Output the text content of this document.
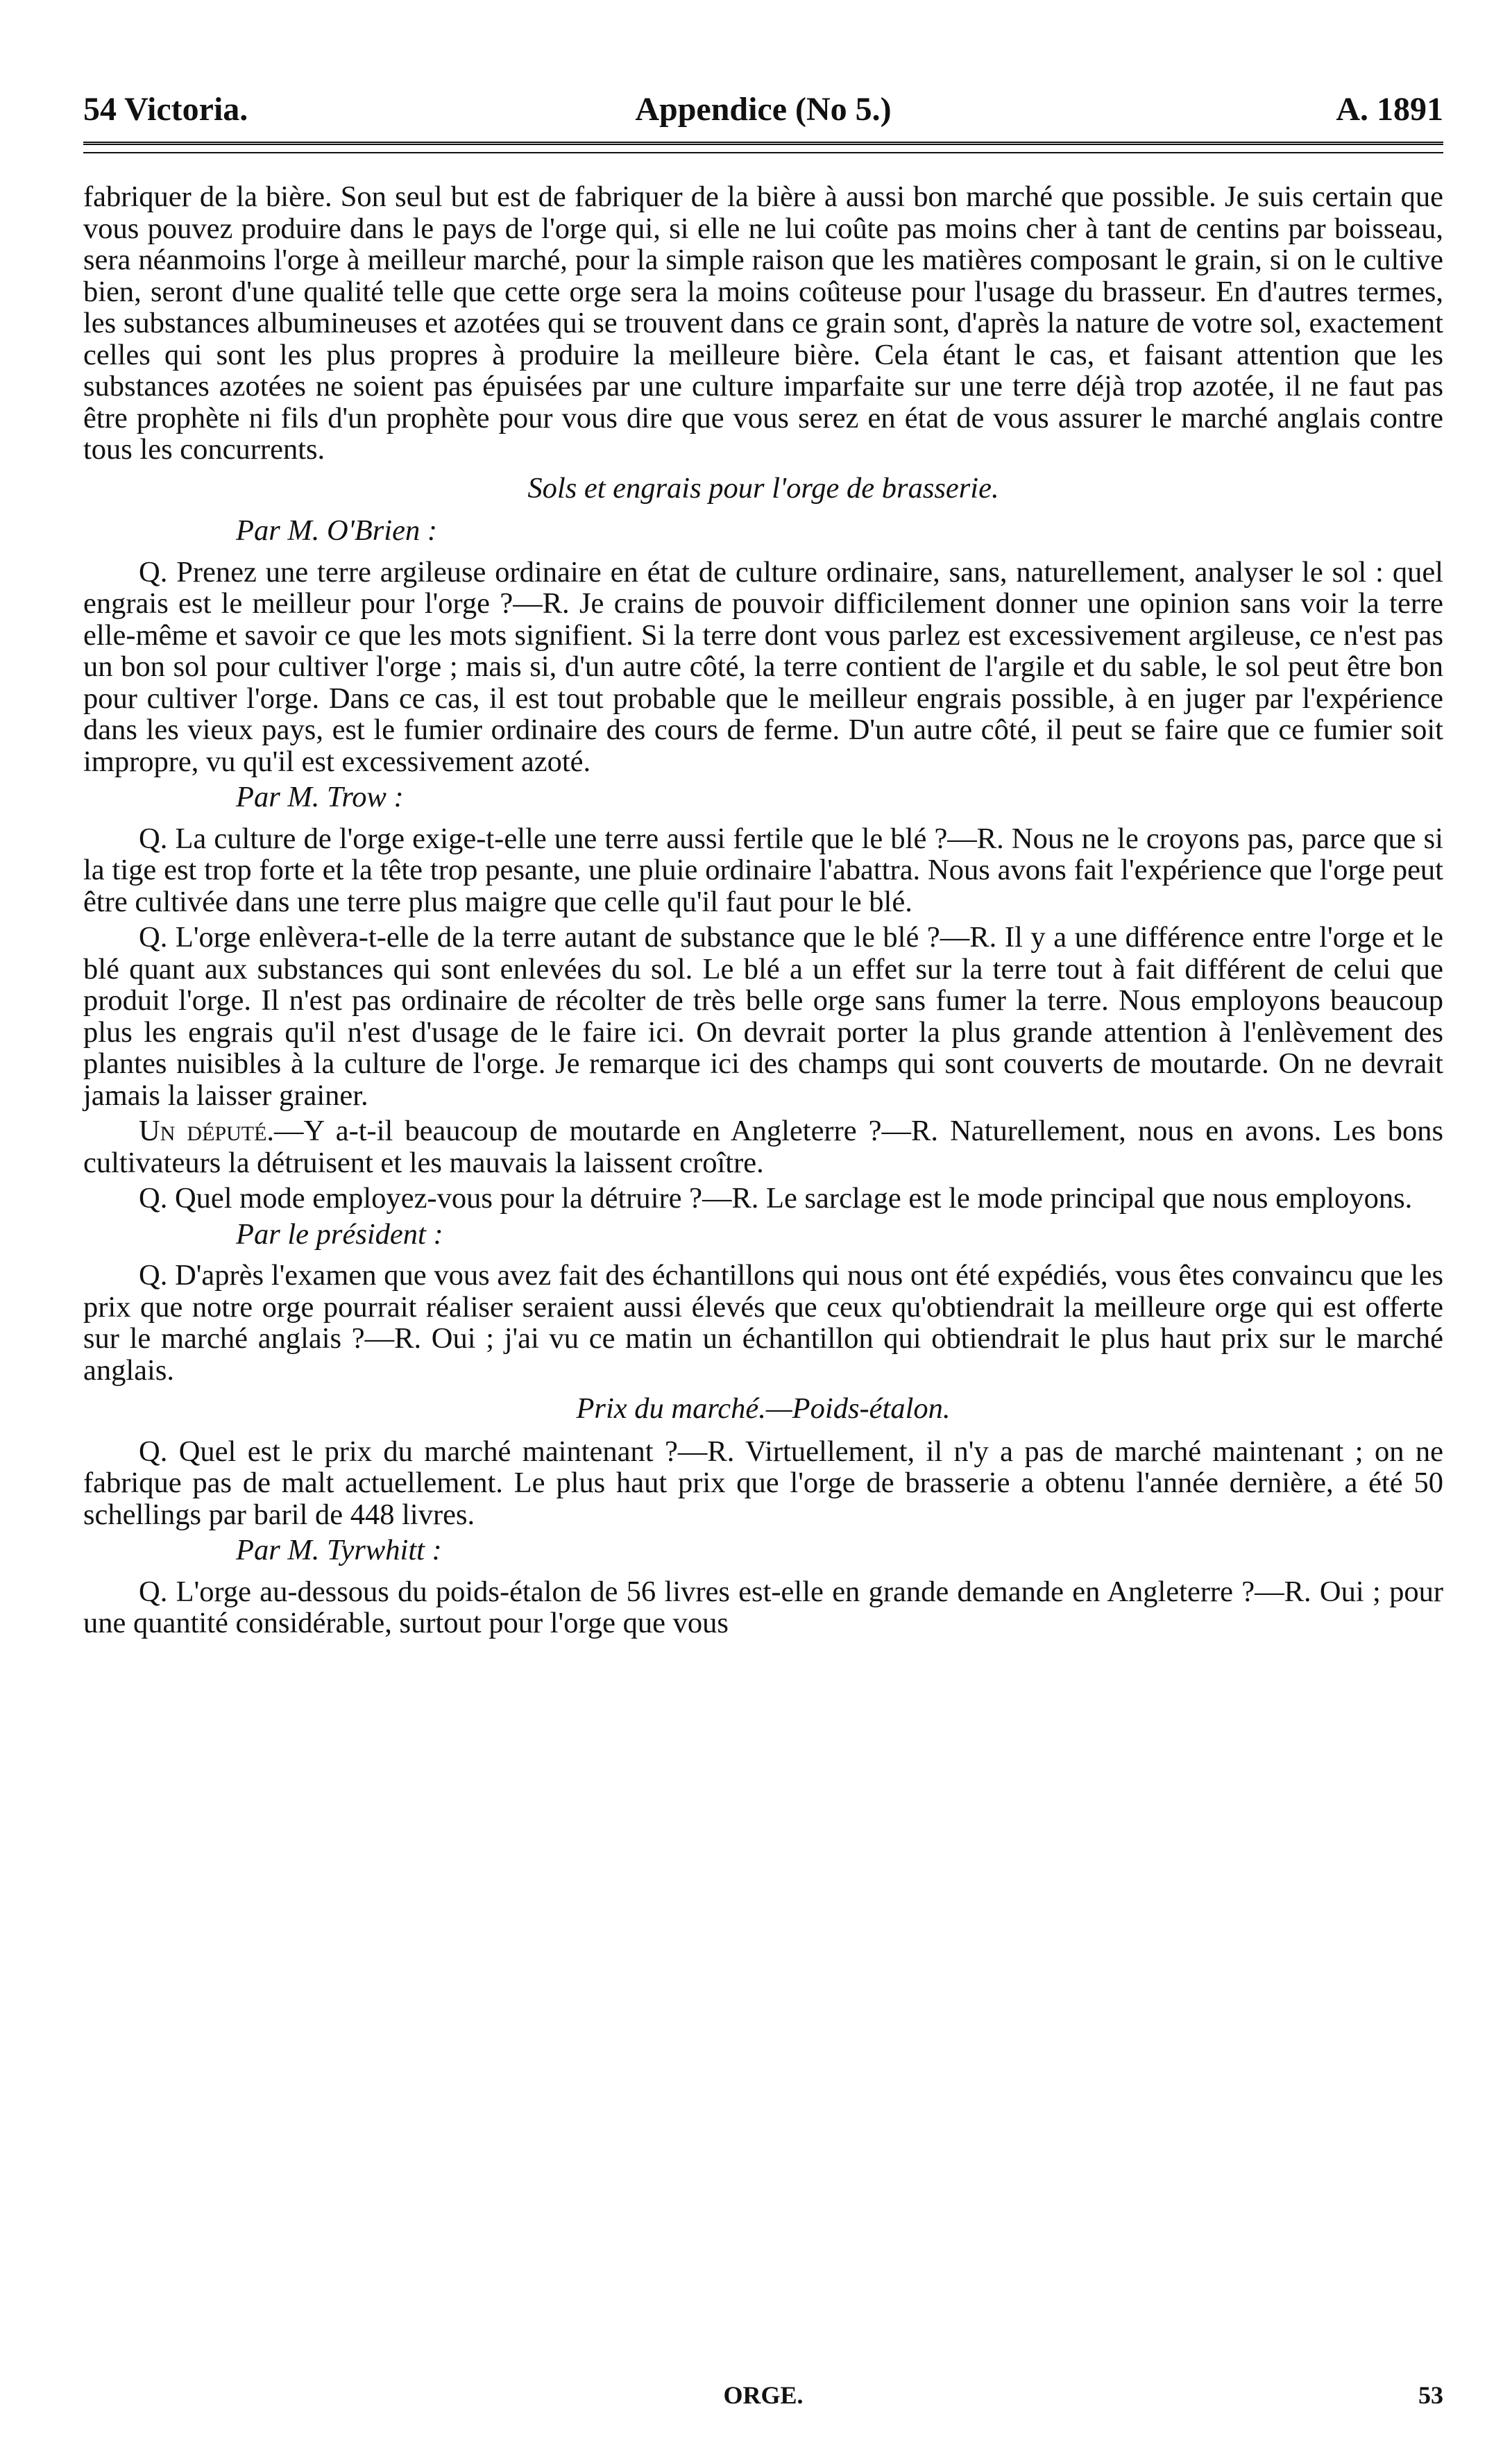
54 Victoria.	Appendice (No 5.)	A. 1891

fabriquer de la bière. Son seul but est de fabriquer de la bière à aussi bon marché que possible. Je suis certain que vous pouvez produire dans le pays de l'orge qui, si elle ne lui coûte pas moins cher à tant de centins par boisseau, sera néanmoins l'orge à meilleur marché, pour la simple raison que les matières composant le grain, si on le cultive bien, seront d'une qualité telle que cette orge sera la moins coûteuse pour l'usage du brasseur. En d'autres termes, les substances albumineuses et azotées qui se trouvent dans ce grain sont, d'après la nature de votre sol, exactement celles qui sont les plus propres à produire la meilleure bière. Cela étant le cas, et faisant attention que les substances azotées ne soient pas épuisées par une culture imparfaite sur une terre déjà trop azotée, il ne faut pas être prophète ni fils d'un prophète pour vous dire que vous serez en état de vous assurer le marché anglais contre tous les concurrents.

Sols et engrais pour l'orge de brasserie.

Par M. O'Brien :

Q. Prenez une terre argileuse ordinaire en état de culture ordinaire, sans, naturellement, analyser le sol : quel engrais est le meilleur pour l'orge ?—R. Je crains de pouvoir difficilement donner une opinion sans voir la terre elle-même et savoir ce que les mots signifient. Si la terre dont vous parlez est excessivement argileuse, ce n'est pas un bon sol pour cultiver l'orge ; mais si, d'un autre côté, la terre contient de l'argile et du sable, le sol peut être bon pour cultiver l'orge. Dans ce cas, il est tout probable que le meilleur engrais possible, à en juger par l'expérience dans les vieux pays, est le fumier ordinaire des cours de ferme. D'un autre côté, il peut se faire que ce fumier soit impropre, vu qu'il est excessivement azoté.

Par M. Trow :

Q. La culture de l'orge exige-t-elle une terre aussi fertile que le blé ?—R. Nous ne le croyons pas, parce que si la tige est trop forte et la tête trop pesante, une pluie ordinaire l'abattra. Nous avons fait l'expérience que l'orge peut être cultivée dans une terre plus maigre que celle qu'il faut pour le blé.

Q. L'orge enlèvera-t-elle de la terre autant de substance que le blé ?—R. Il y a une différence entre l'orge et le blé quant aux substances qui sont enlevées du sol. Le blé a un effet sur la terre tout à fait différent de celui que produit l'orge. Il n'est pas ordinaire de récolter de très belle orge sans fumer la terre. Nous employons beaucoup plus les engrais qu'il n'est d'usage de le faire ici. On devrait porter la plus grande attention à l'enlèvement des plantes nuisibles à la culture de l'orge. Je remarque ici des champs qui sont couverts de moutarde. On ne devrait jamais la laisser grainer.

Un député.—Y a-t-il beaucoup de moutarde en Angleterre ?—R. Naturellement, nous en avons. Les bons cultivateurs la détruisent et les mauvais la laissent croître.

Q. Quel mode employez-vous pour la détruire ?—R. Le sarclage est le mode principal que nous employons.

Par le président :

Q. D'après l'examen que vous avez fait des échantillons qui nous ont été expédiés, vous êtes convaincu que les prix que notre orge pourrait réaliser seraient aussi élevés que ceux qu'obtiendrait la meilleure orge qui est offerte sur le marché anglais ?—R. Oui ; j'ai vu ce matin un échantillon qui obtiendrait le plus haut prix sur le marché anglais.

Prix du marché.—Poids-étalon.

Q. Quel est le prix du marché maintenant ?—R. Virtuellement, il n'y a pas de marché maintenant ; on ne fabrique pas de malt actuellement. Le plus haut prix que l'orge de brasserie a obtenu l'année dernière, a été 50 schellings par baril de 448 livres.

Par M. Tyrwhitt :

Q. L'orge au-dessous du poids-étalon de 56 livres est-elle en grande demande en Angleterre ?—R. Oui ; pour une quantité considérable, surtout pour l'orge que vous

ORGE.	53
